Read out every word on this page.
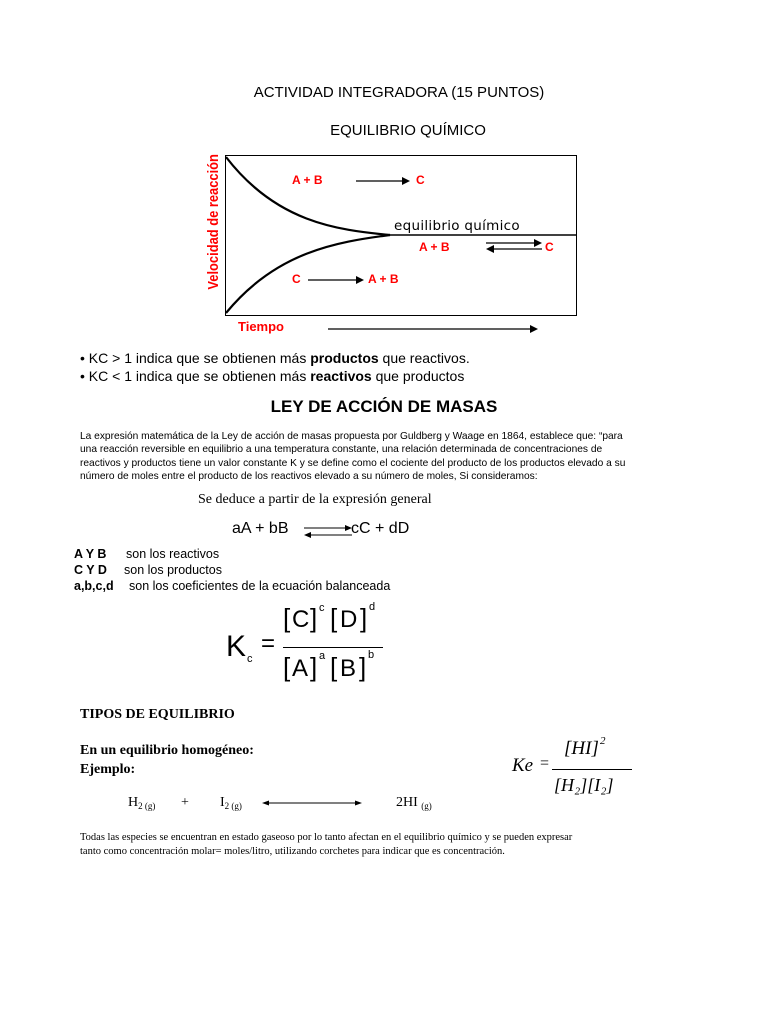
ACTIVIDAD INTEGRADORA (15 PUNTOS)
EQUILIBRIO QUÍMICO
Velocidad de reacción	A + B	C
equilibrio químico
A + B	C
C	A + B
Tiempo
• KC > 1 indica que se obtienen más productos que reactivos.
• KC < 1 indica que se obtienen más reactivos que productos
LEY DE ACCIÓN DE MASAS
La expresión matemática de la Ley de acción de masas propuesta por Guldberg y Waage en 1864, establece que: “para
una reacción reversible en equilibrio a una temperatura constante, una relación determinada de concentraciones de
reactivos y productos tiene un valor constante K y se define como el cociente del producto de los productos elevado a su
número de moles entre el producto de los reactivos elevado a su número de moles, Si consideramos:
Se deduce a partir de la expresión general
aA + bB ⇌
cC + dD
A Y B son los reactivos
C Y D son los productos
a,b,c,d son los coeficientes de la ecuación balanceada
K c
=
[ C ] c [ D ] d
[ A ] a [ B ] b
TIPOS DE EQUILIBRIO
En un equilibrio homogéneo:
Ejemplo:	Ke =
[HI] 2
[H₂][I₂]
$H_{2 (g)} + I_{2 (g)}$	2HI $_{(g)}$
Todas las especies se encuentran en estado gaseoso por lo tanto afectan en el equilibrio químico y se pueden expresar
tanto como concentración molar= moles/litro, utilizando corchetes para indicar que es concentración.
